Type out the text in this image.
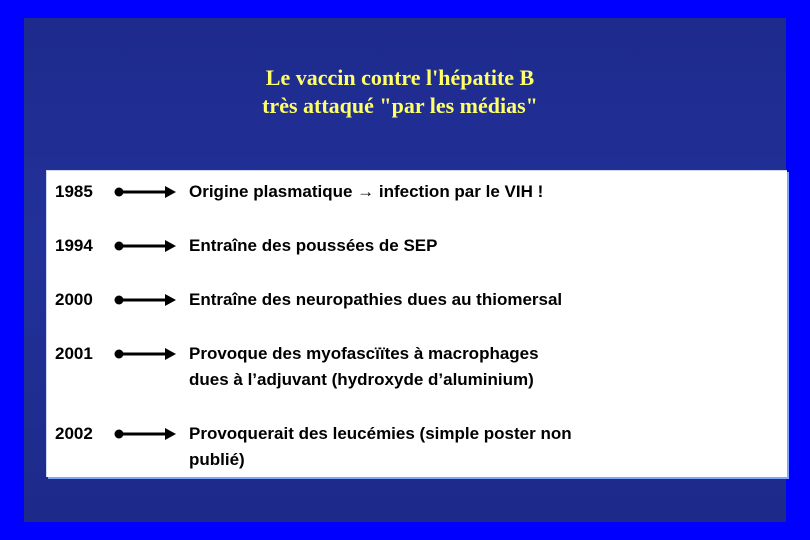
Le vaccin contre l'hépatite B
très attaqué "par les médias"
1985	Origine plasmatique → infection par le VIH !
1994	Entraîne des poussées de SEP
2000	Entraîne des neuropathies dues au thiomersal
2001	Provoque des myofascïïtes à macrophages
dues à l’adjuvant (hydroxyde d’aluminium)
2002	Provoquerait des leucémies (simple poster non
publié)
